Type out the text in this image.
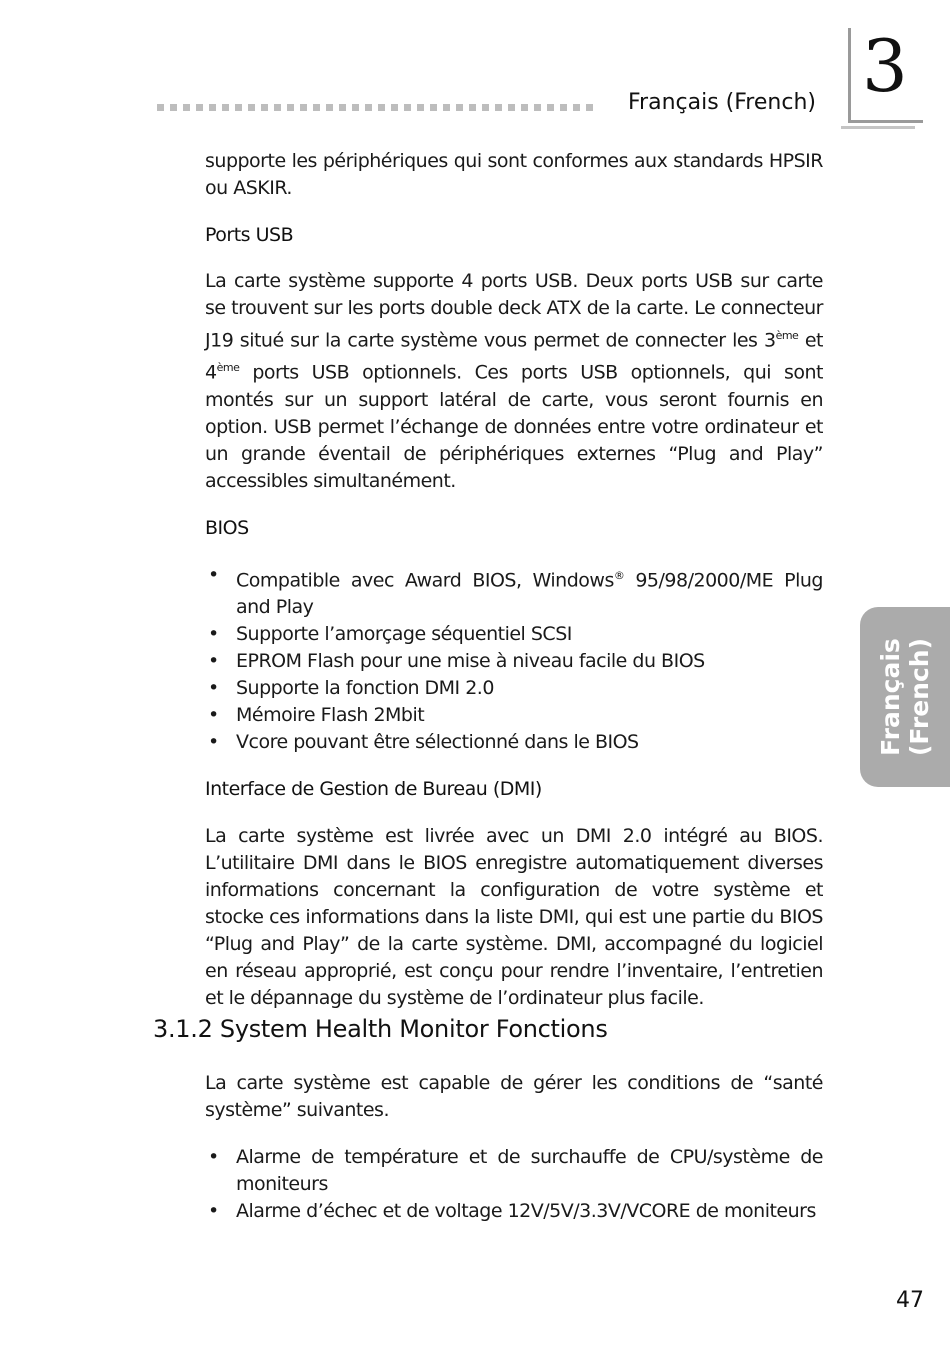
Français (French) 3
Français (French)

supporte les périphériques qui sont conformes aux standards HPSIR ou ASKIR.

Ports USB

La carte système supporte 4 ports USB. Deux ports USB sur carte se trouvent sur les ports double deck ATX de la carte. Le connecteur J19 situé sur la carte système vous permet de connecter les 3ème et 4ème ports USB optionnels. Ces ports USB optionnels, qui sont montés sur un support latéral de carte, vous seront fournis en option. USB permet l’échange de données entre votre ordinateur et un grande éventail de périphériques externes “Plug and Play” accessibles simultanément.

BIOS
• Compatible avec Award BIOS, Windows® 95/98/2000/ME Plug and Play
• Supporte l’amorçage séquentiel SCSI
• EPROM Flash pour une mise à niveau facile du BIOS
• Supporte la fonction DMI 2.0
• Mémoire Flash 2Mbit
• Vcore pouvant être sélectionné dans le BIOS
Interface de Gestion de Bureau (DMI)

La carte système est livrée avec un DMI 2.0 intégré au BIOS. L’utilitaire DMI dans le BIOS enregistre automatiquement diverses informations concernant la configuration de votre système et stocke ces informations dans la liste DMI, qui est une partie du BIOS “Plug and Play” de la carte système. DMI, accompagné du logiciel en réseau approprié, est conçu pour rendre l’inventaire, l’entretien et le dépannage du système de l’ordinateur plus facile.

3.1.2 System Health Monitor Fonctions

La carte système est capable de gérer les conditions de “santé système” suivantes.

• Alarme de température et de surchauffe de CPU/système de moniteurs
• Alarme d’échec et de voltage 12V/5V/3.3V/VCORE de moniteurs
47
